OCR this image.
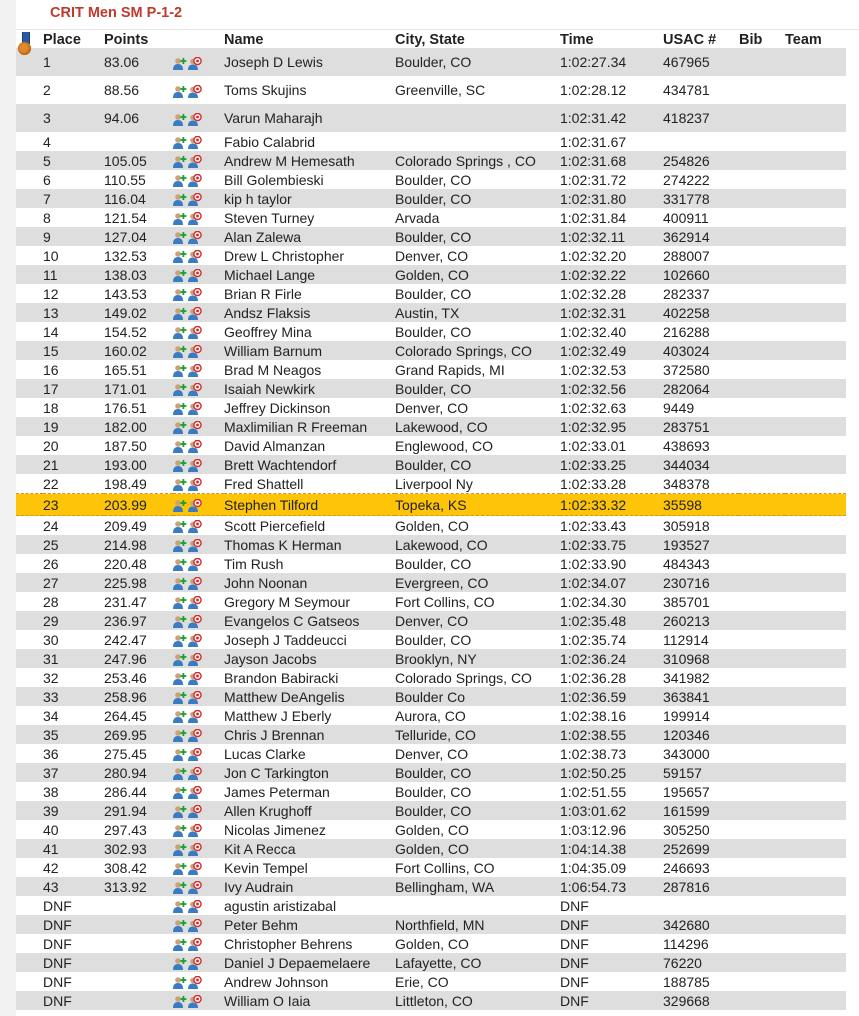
CRIT Men SM P-1-2
	Place	Points		Name	City, State	Time	USAC #	Bib	Team

	1	83.06		Joseph D Lewis	Boulder, CO	1:02:27.34	467965		

	2	88.56		Toms Skujins	Greenville, SC	1:02:28.12	434781		

	3	94.06		Varun Maharajh		1:02:31.42	418237		
	4			Fabio Calabrid		1:02:31.67			
	5	105.05		Andrew M Hemesath	Colorado Springs , CO	1:02:31.68	254826		
	6	110.55		Bill Golembieski	Boulder, CO	1:02:31.72	274222		
	7	116.04		kip h taylor	Boulder, CO	1:02:31.80	331778		
	8	121.54		Steven Turney	Arvada	1:02:31.84	400911		
	9	127.04		Alan Zalewa	Boulder, CO	1:02:32.11	362914		
	10	132.53		Drew L Christopher	Denver, CO	1:02:32.20	288007		
	11	138.03		Michael Lange	Golden, CO	1:02:32.22	102660		
	12	143.53		Brian R Firle	Boulder, CO	1:02:32.28	282337		
	13	149.02		Andsz Flaksis	Austin, TX	1:02:32.31	402258		
	14	154.52		Geoffrey Mina	Boulder, CO	1:02:32.40	216288		
	15	160.02		William Barnum	Colorado Springs, CO	1:02:32.49	403024		
	16	165.51		Brad M Neagos	Grand Rapids, MI	1:02:32.53	372580		
	17	171.01		Isaiah Newkirk	Boulder, CO	1:02:32.56	282064		
	18	176.51		Jeffrey Dickinson	Denver, CO	1:02:32.63	9449		
	19	182.00		Maxlimilian R Freeman	Lakewood, CO	1:02:32.95	283751		
	20	187.50		David Almanzan	Englewood, CO	1:02:33.01	438693		
	21	193.00		Brett Wachtendorf	Boulder, CO	1:02:33.25	344034		
	22	198.49		Fred Shattell	Liverpool Ny	1:02:33.28	348378		
	23	203.99		Stephen Tilford	Topeka, KS	1:02:33.32	35598		
	24	209.49		Scott Piercefield	Golden, CO	1:02:33.43	305918		
	25	214.98		Thomas K Herman	Lakewood, CO	1:02:33.75	193527		
	26	220.48		Tim Rush	Boulder, CO	1:02:33.90	484343		
	27	225.98		John Noonan	Evergreen, CO	1:02:34.07	230716		
	28	231.47		Gregory M Seymour	Fort Collins, CO	1:02:34.30	385701		
	29	236.97		Evangelos C Gatseos	Denver, CO	1:02:35.48	260213		
	30	242.47		Joseph J Taddeucci	Boulder, CO	1:02:35.74	112914		
	31	247.96		Jayson Jacobs	Brooklyn, NY	1:02:36.24	310968		
	32	253.46		Brandon Babiracki	Colorado Springs, CO	1:02:36.28	341982		
	33	258.96		Matthew DeAngelis	Boulder Co	1:02:36.59	363841		
	34	264.45		Matthew J Eberly	Aurora, CO	1:02:38.16	199914		
	35	269.95		Chris J Brennan	Telluride, CO	1:02:38.55	120346		
	36	275.45		Lucas Clarke	Denver, CO	1:02:38.73	343000		
	37	280.94		Jon C Tarkington	Boulder, CO	1:02:50.25	59157		
	38	286.44		James Peterman	Boulder, CO	1:02:51.55	195657		
	39	291.94		Allen Krughoff	Boulder, CO	1:03:01.62	161599		
	40	297.43		Nicolas Jimenez	Golden, CO	1:03:12.96	305250		
	41	302.93		Kit A Recca	Golden, CO	1:04:14.38	252699		
	42	308.42		Kevin Tempel	Fort Collins, CO	1:04:35.09	246693		
	43	313.92		Ivy Audrain	Bellingham, WA	1:06:54.73	287816		
	DNF			agustin aristizabal		DNF			
	DNF			Peter Behm	Northfield, MN	DNF	342680		
	DNF			Christopher Behrens	Golden, CO	DNF	114296		
	DNF			Daniel J Depaemelaere	Lafayette, CO	DNF	76220		
	DNF			Andrew Johnson	Erie, CO	DNF	188785		
	DNF			William O Iaia	Littleton, CO	DNF	329668		
